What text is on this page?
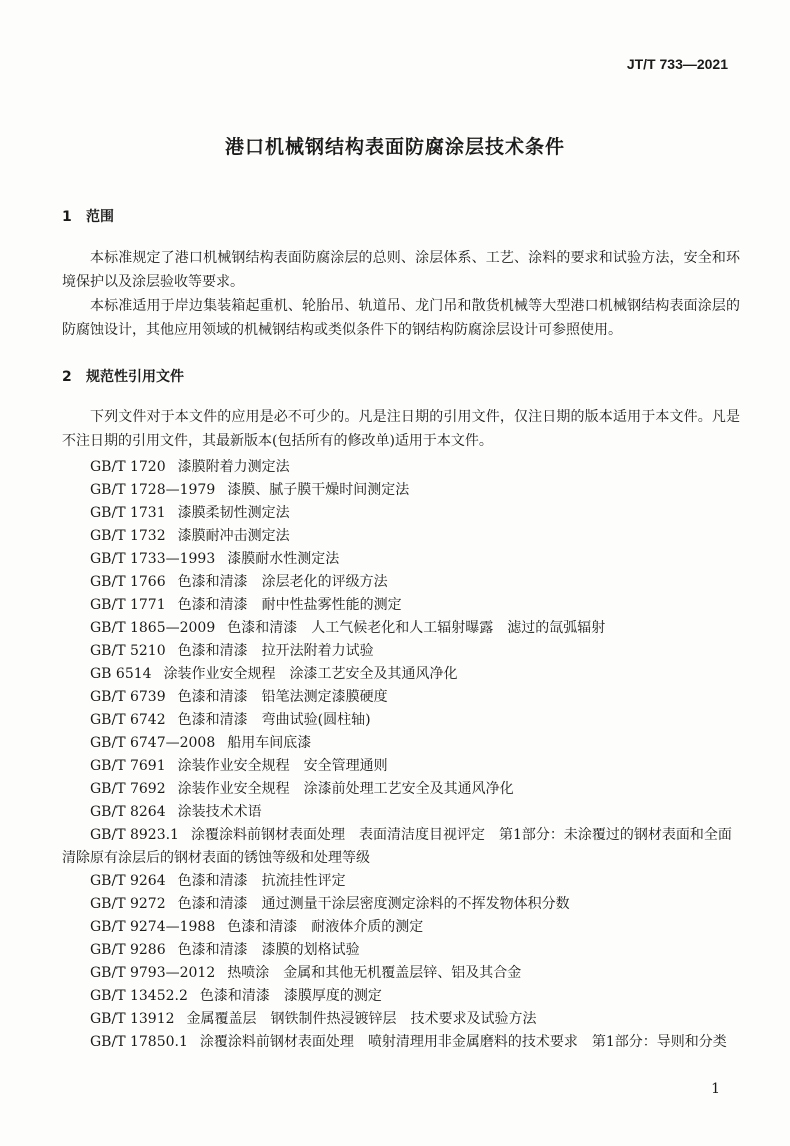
JT/T 733—2021
港口机械钢结构表面防腐涂层技术条件
1 范围
本标准规定了港口机械钢结构表面防腐涂层的总则、涂层体系、工艺、涂料的要求和试验方法，安全和环境保护以及涂层验收等要求。
本标准适用于岸边集装箱起重机、轮胎吊、轨道吊、龙门吊和散货机械等大型港口机械钢结构表面涂层的防腐蚀设计，其他应用领域的机械钢结构或类似条件下的钢结构防腐涂层设计可参照使用。
2 规范性引用文件
下列文件对于本文件的应用是必不可少的。凡是注日期的引用文件，仅注日期的版本适用于本文件。凡是不注日期的引用文件，其最新版本(包括所有的修改单)适用于本文件。
GB/T 1720 漆膜附着力测定法
GB/T 1728—1979 漆膜、腻子膜干燥时间测定法
GB/T 1731 漆膜柔韧性测定法
GB/T 1732 漆膜耐冲击测定法
GB/T 1733—1993 漆膜耐水性测定法
GB/T 1766 色漆和清漆　涂层老化的评级方法
GB/T 1771 色漆和清漆　耐中性盐雾性能的测定
GB/T 1865—2009 色漆和清漆　人工气候老化和人工辐射曝露　滤过的氙弧辐射
GB/T 5210 色漆和清漆　拉开法附着力试验
GB 6514 涂装作业安全规程　涂漆工艺安全及其通风净化
GB/T 6739 色漆和清漆　铅笔法测定漆膜硬度
GB/T 6742 色漆和清漆　弯曲试验(圆柱轴)
GB/T 6747—2008 船用车间底漆
GB/T 7691 涂装作业安全规程　安全管理通则
GB/T 7692 涂装作业安全规程　涂漆前处理工艺安全及其通风净化
GB/T 8264 涂装技术术语
GB/T 8923.1 涂覆涂料前钢材表面处理　表面清洁度目视评定　第1部分：未涂覆过的钢材表面和全面清除原有涂层后的钢材表面的锈蚀等级和处理等级
GB/T 9264 色漆和清漆　抗流挂性评定
GB/T 9272 色漆和清漆　通过测量干涂层密度测定涂料的不挥发物体积分数
GB/T 9274—1988 色漆和清漆　耐液体介质的测定
GB/T 9286 色漆和清漆　漆膜的划格试验
GB/T 9793—2012 热喷涂　金属和其他无机覆盖层锌、铝及其合金
GB/T 13452.2 色漆和清漆　漆膜厚度的测定
GB/T 13912 金属覆盖层　钢铁制件热浸镀锌层　技术要求及试验方法
GB/T 17850.1 涂覆涂料前钢材表面处理　喷射清理用非金属磨料的技术要求　第1部分：导则和分类
1
